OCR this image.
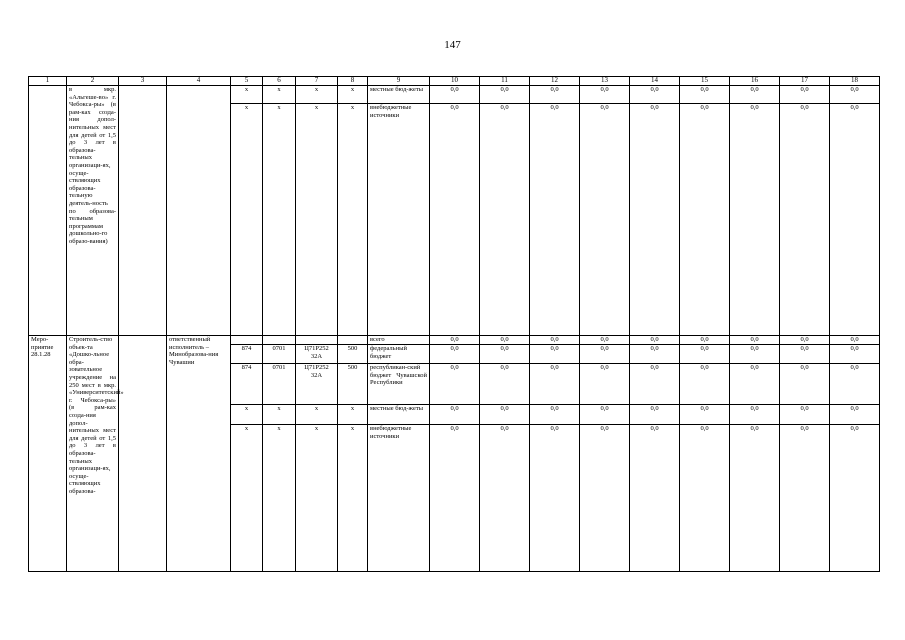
147
1	2	3	4	5	6	7	8	9	10	11	12	13	14	15	16	17	18
	в мкр. «Альгеше-во» г. Чебокса-ры» (в рам-ках созда-ния допол-нительных мест для детей от 1,5 до 3 лет в образова-тельных организаци-ях, осуще-ствляющих образова-тельную деятель-ность по образова-тельным программам дошкольно-го образо-вания)			x	x	x	x	местные бюд-жеты	0,0	0,0	0,0	0,0	0,0	0,0	0,0	0,0	0,0
				x	x	x	x	внебюджетные источники	0,0	0,0	0,0	0,0	0,0	0,0	0,0	0,0	0,0
Меро-приятие 28.1.28	Строитель-ство объек-та «Дошко-льное обра-зовательное учреждение на 250 мест в мкр. «Университетский» г. Чебокса-ры» (в рам-ках созда-ния допол-нительных мест для детей от 1,5 до 3 лет в образова-тельных организаци-ях, осуще-ствляющих образова-		ответственный исполнитель – Минобразова-ния Чувашии					всего	0,0	0,0	0,0	0,0	0,0	0,0	0,0	0,0	0,0
				874	0701	Ц71Р252 32А	500	федеральный бюджет	0,0	0,0	0,0	0,0	0,0	0,0	0,0	0,0	0,0
				874	0701	Ц71Р252 32А	500	республикан-ский бюджет Чувашской Республики	0,0	0,0	0,0	0,0	0,0	0,0	0,0	0,0	0,0
				x	x	x	x	местные бюд-жеты	0,0	0,0	0,0	0,0	0,0	0,0	0,0	0,0	0,0
				x	x	x	x	внебюджетные источники	0,0	0,0	0,0	0,0	0,0	0,0	0,0	0,0	0,0
